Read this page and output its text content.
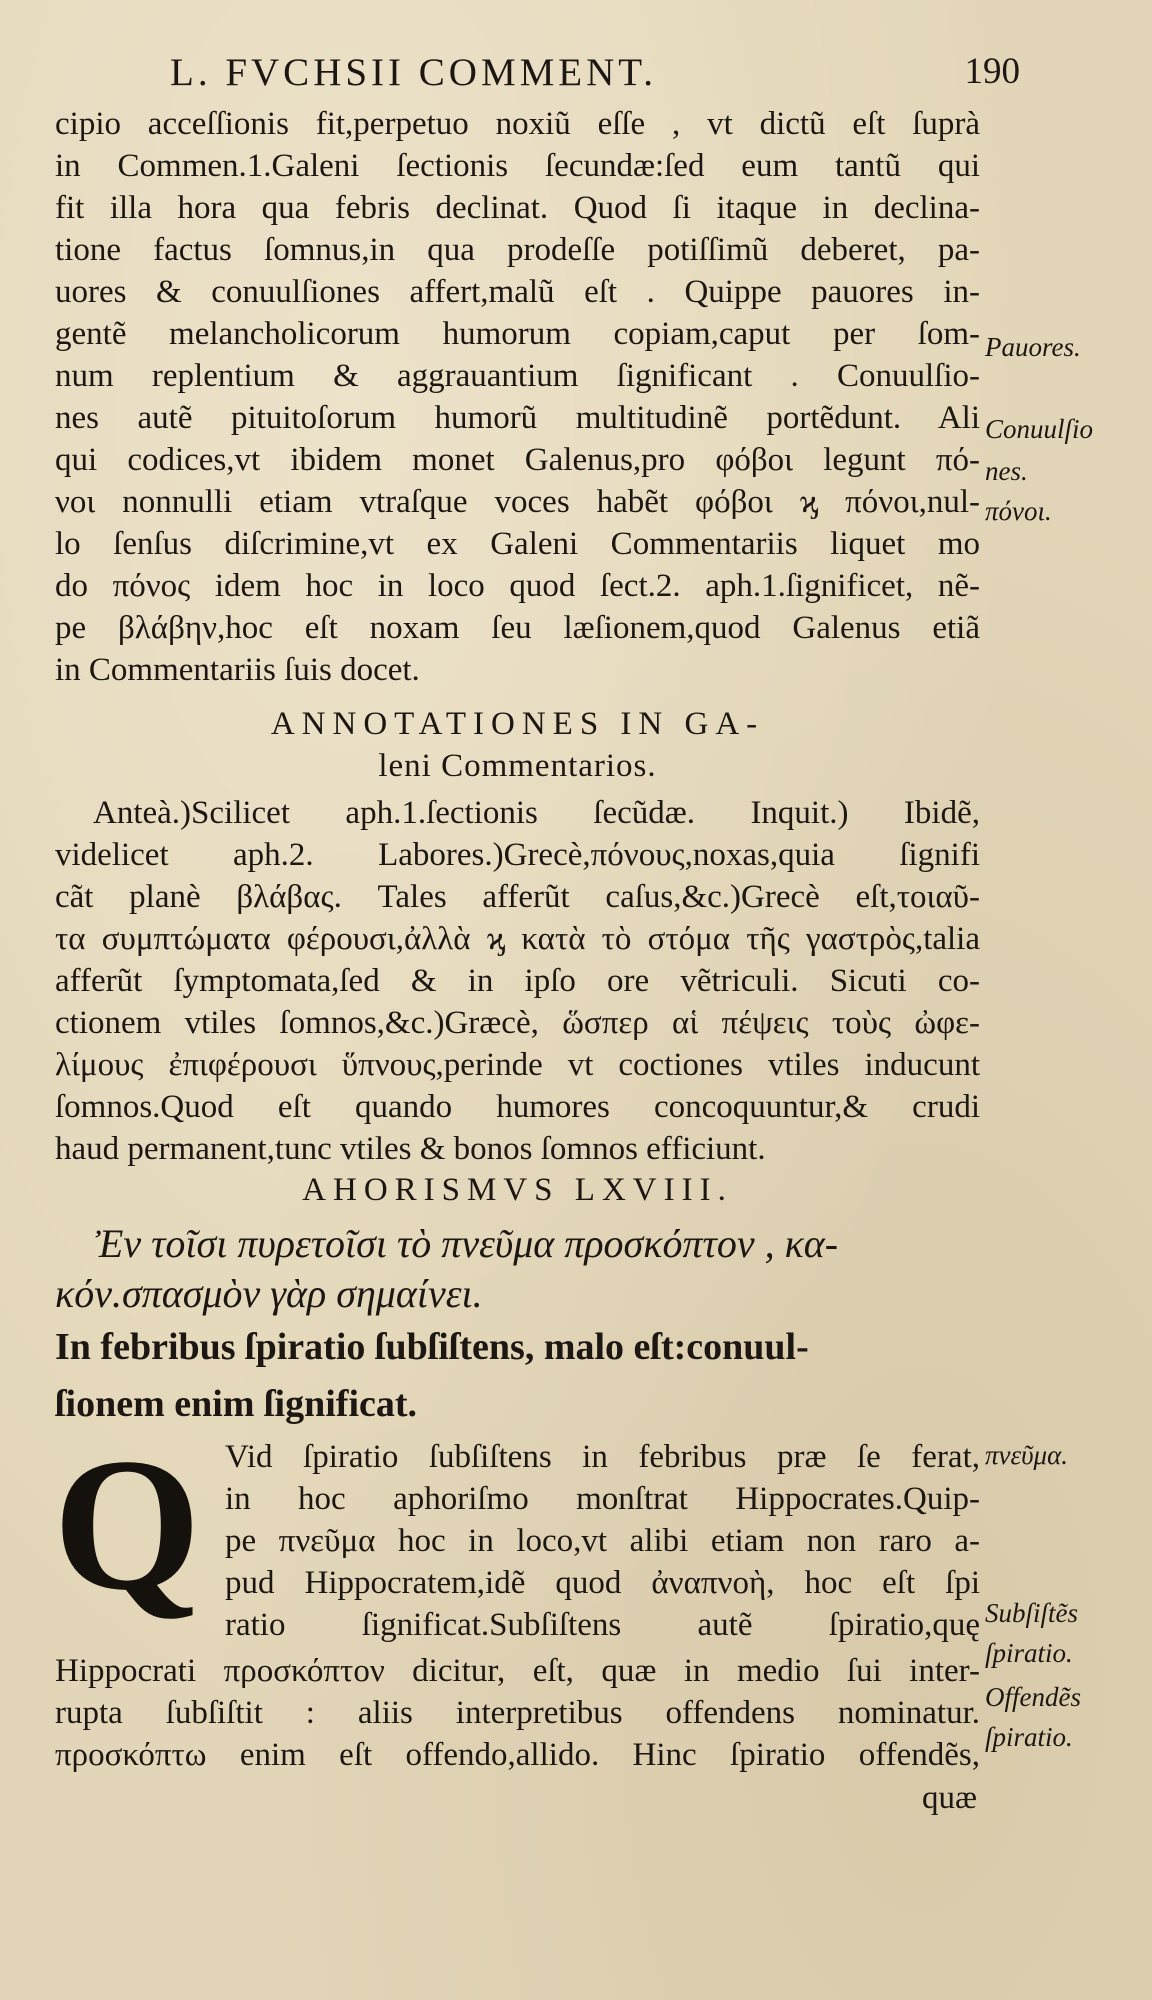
L. FVCHSII COMMENT.	190
cipio acceſſionis fit,perpetuo noxiũ eſſe , vt dictũ eſt ſuprà
in Commen.1.Galeni ſectionis ſecundæ:ſed eum tantũ qui
fit illa hora qua febris declinat. Quod ſi itaque in declina-
tione factus ſomnus,in qua prodeſſe potiſſimũ deberet, pa-
uores & conuulſiones affert,malũ eſt . Quippe pauores in-
gentẽ melancholicorum humorum copiam,caput per ſom-
num replentium & aggrauantium ſignificant . Conuulſio-
nes autẽ pituitoſorum humorũ multitudinẽ portẽdunt. Ali
qui codices,vt ibidem monet Galenus,pro φόβοι legunt πό-
νοι nonnulli etiam vtraſque voces habẽt φόβοι ϗ πόνοι,nul-
lo ſenſus diſcrimine,vt ex Galeni Commentariis liquet mo
do πόνος idem hoc in loco quod ſect.2. aph.1.ſignificet, nẽ-
pe βλάβην,hoc eſt noxam ſeu læſionem,quod Galenus etiã
in Commentariis ſuis docet.
ANNOTATIONES IN GA-
leni Commentarios.
Anteà.)Scilicet aph.1.ſectionis ſecũdæ. Inquit.) Ibidẽ,
videlicet aph.2. Labores.)Grecè,πόνους,noxas,quia ſignifi
cãt planè βλάβας. Tales afferũt caſus,&c.)Grecè eſt,τοιαῦ-
τα συμπτώματα φέρουσι,ἀλλὰ ϗ κατὰ τὸ στόμα τῆς γαστρὸς,talia
afferũt ſymptomata,ſed & in ipſo ore vẽtriculi. Sicuti co-
ctionem vtiles ſomnos,&c.)Græcè, ὥσπερ αἱ πέψεις τοὺς ὠφε-
λίμους ἐπιφέρουσι ὕπνους,perinde vt coctiones vtiles inducunt
ſomnos.Quod eſt quando humores concoquuntur,& crudi
haud permanent,tunc vtiles & bonos ſomnos efficiunt.
AHORISMVS LXVIII.
Ἐν τοῖσι πυρετοῖσι τὸ πνεῦμα προσκόπτον , κα-
κόν.σπασμὸν γὰρ σημαίνει.
In febribus ſpiratio ſubſiſtens, malo eſt:conuul-
ſionem enim ſignificat.
Q Vid ſpiratio ſubſiſtens in febribus præ ſe ferat,
in hoc aphoriſmo monſtrat Hippocrates.Quip-
pe πνεῦμα hoc in loco,vt alibi etiam non raro a-
pud Hippocratem,idẽ quod ἀναπνοὴ, hoc eſt ſpi
ratio ſignificat.Subſiſtens autẽ ſpiratio,quę
Hippocrati προσκόπτον dicitur, eſt, quæ in medio ſui inter-
rupta ſubſiſtit : aliis interpretibus offendens nominatur.
προσκόπτω enim eſt offendo,allido. Hinc ſpiratio offendẽs,
quæ
Pauores.
Conuulſio
nes.
πόνοι.
πνεῦμα.
Subſiſtẽs
ſpiratio.
Offendẽs
ſpiratio.
